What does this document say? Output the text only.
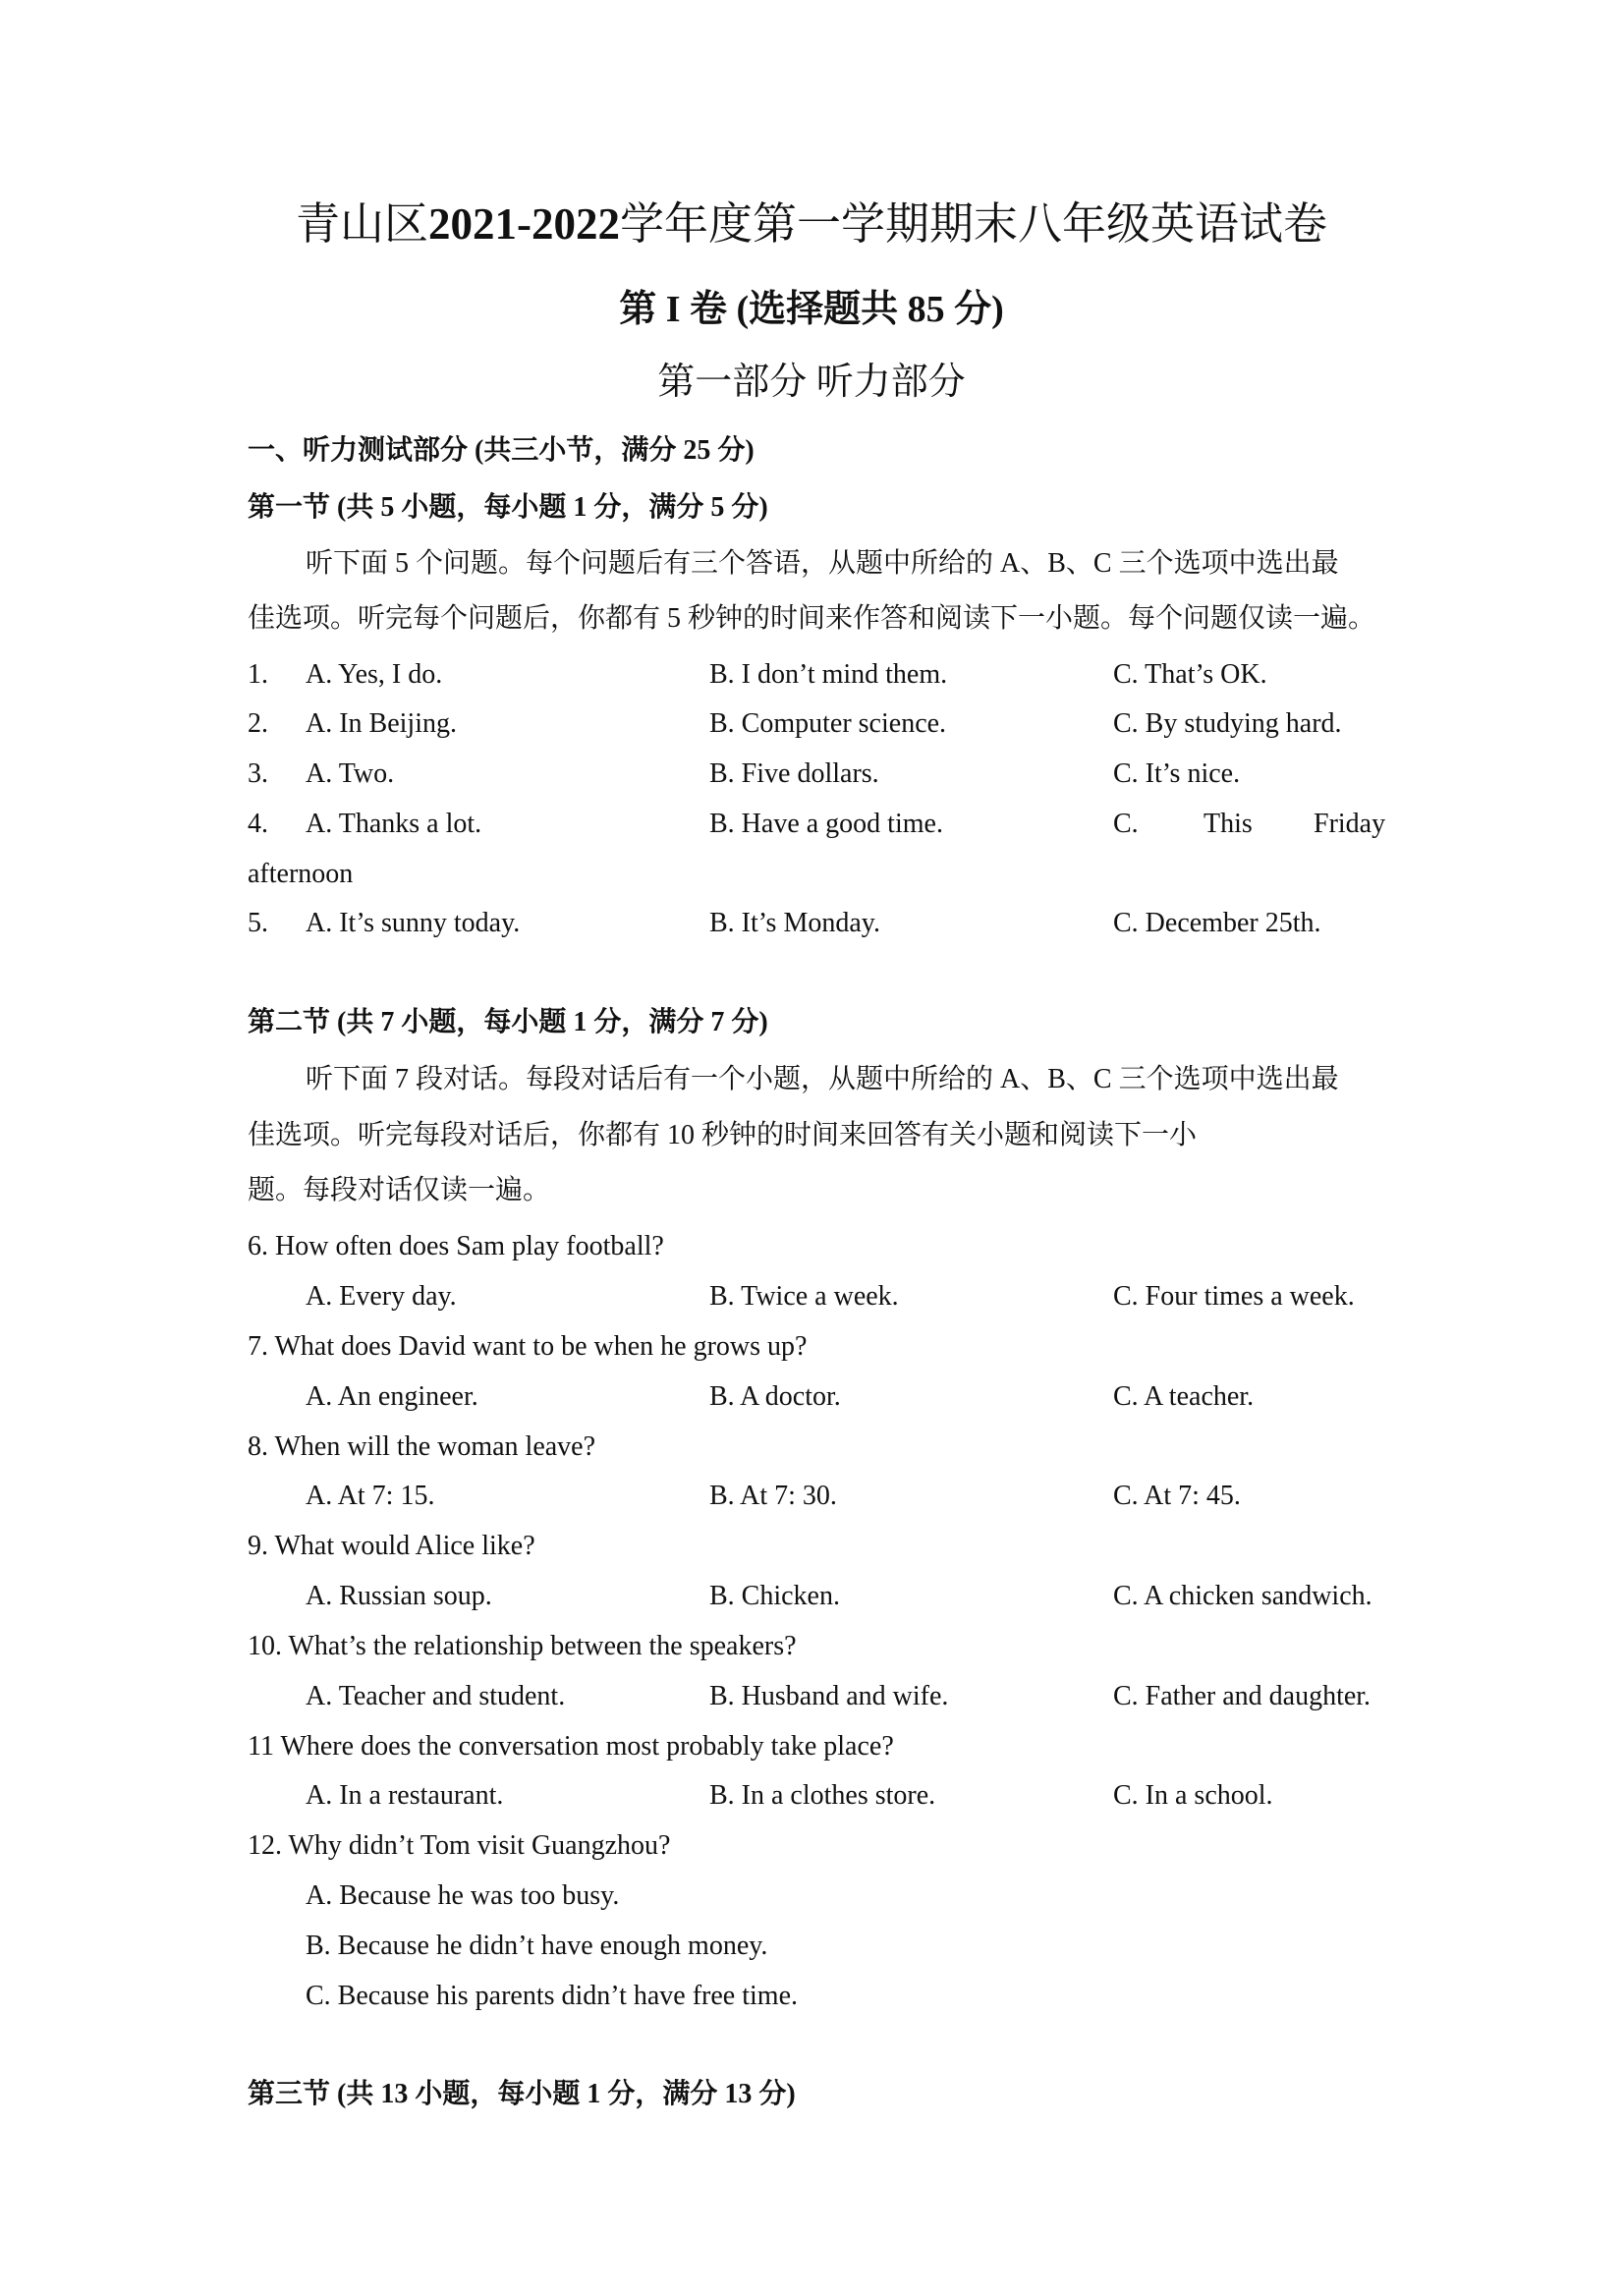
青山区2021-2022学年度第一学期期末八年级英语试卷
第 I 卷 (选择题共 85 分)
第一部分 听力部分
一、听力测试部分 (共三小节，满分 25 分)
第一节 (共 5 小题，每小题 1 分，满分 5 分)
听下面 5 个问题。每个问题后有三个答语，从题中所给的 A、B、C 三个选项中选出最
佳选项。听完每个问题后，你都有 5 秒钟的时间来作答和阅读下一小题。每个问题仅读一遍。
1. A. Yes, I do.	B. I don’t mind them.	C. That’s OK.
2. A. In Beijing.	B. Computer science.	C. By studying hard.
3. A. Two.	B. Five dollars.	C. It’s nice.
4. A. Thanks a lot.	B. Have a good time.	C. This Friday
afternoon
5. A. It’s sunny today.	B. It’s Monday.	C. December 25th.
第二节 (共 7 小题，每小题 1 分，满分 7 分)
听下面 7 段对话。每段对话后有一个小题，从题中所给的 A、B、C 三个选项中选出最
佳选项。听完每段对话后，你都有 10 秒钟的时间来回答有关小题和阅读下一小
题。每段对话仅读一遍。
6. How often does Sam play football?
A. Every day.	B. Twice a week.	C. Four times a week.
7. What does David want to be when he grows up?
A. An engineer.	B. A doctor.	C. A teacher.
8. When will the woman leave?
A. At 7: 15.	B. At 7: 30.	C. At 7: 45.
9. What would Alice like?
A. Russian soup.	B. Chicken.	C. A chicken sandwich.
10. What’s the relationship between the speakers?
A. Teacher and student.	B. Husband and wife.	C. Father and daughter.
11 Where does the conversation most probably take place?
A. In a restaurant.	B. In a clothes store.	C. In a school.
12. Why didn’t Tom visit Guangzhou?
A. Because he was too busy.
B. Because he didn’t have enough money.
C. Because his parents didn’t have free time.
第三节 (共 13 小题，每小题 1 分，满分 13 分)
